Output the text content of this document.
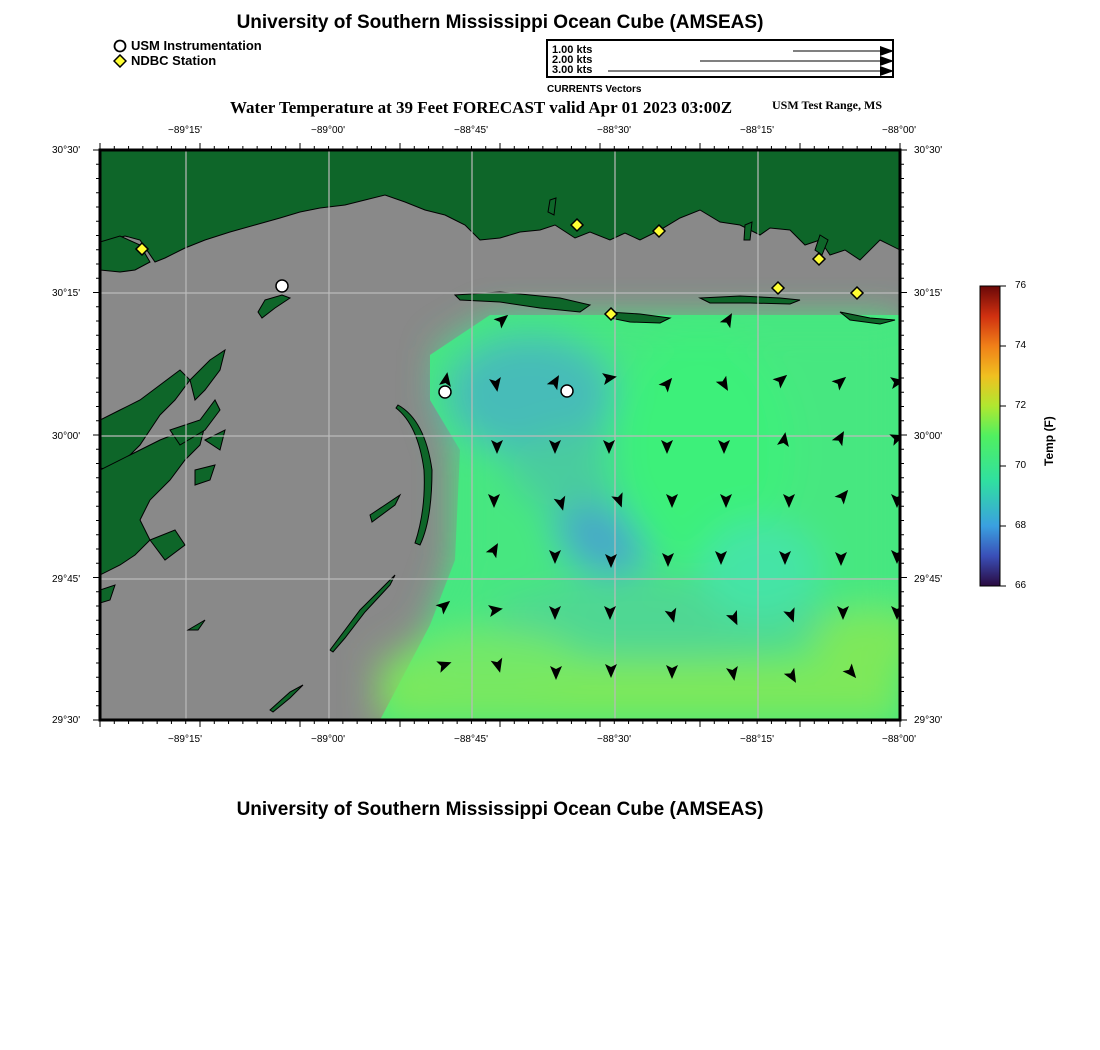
University of Southern Mississippi Ocean Cube (AMSEAS)
USM Instrumentation
NDBC Station
1.00 kts
2.00 kts
3.00 kts
CURRENTS Vectors
Water Temperature at 39 Feet FORECAST valid Apr 01 2023 03:00Z	USM Test Range, MS
−89°15'	−89°00'	−88°45'	−88°30'	−88°15'	−88°00'
−89°15'	−89°00'	−88°45'	−88°30'	−88°15'	−88°00'
30°30'
30°15'
30°00'
29°45'
29°30'
30°30'
30°15'
30°00'
29°45'
29°30'
76
74
72
70
68
66
Temp (F)
University of Southern Mississippi Ocean Cube (AMSEAS)
